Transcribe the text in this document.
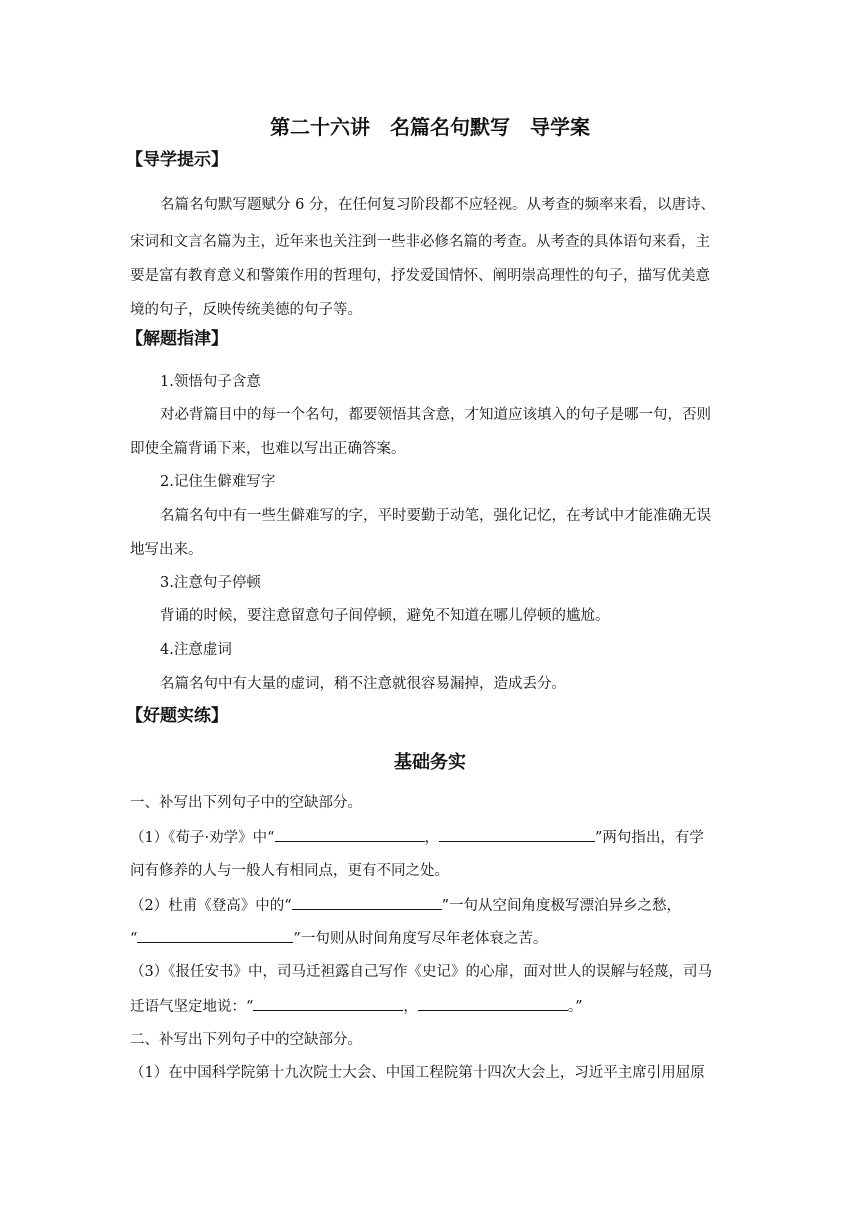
第二十六讲　名篇名句默写　导学案
【导学提示】
名篇名句默写题赋分 6 分，在任何复习阶段都不应轻视。从考查的频率来看，以唐诗、
宋词和文言名篇为主，近年来也关注到一些非必修名篇的考查。从考查的具体语句来看，主
要是富有教育意义和警策作用的哲理句，抒发爱国情怀、阐明崇高理性的句子，描写优美意
境的句子，反映传统美德的句子等。
【解题指津】
1.领悟句子含意
对必背篇目中的每一个名句，都要领悟其含意，才知道应该填入的句子是哪一句，否则
即使全篇背诵下来，也难以写出正确答案。
2.记住生僻难写字
名篇名句中有一些生僻难写的字，平时要勤于动笔，强化记忆，在考试中才能准确无误
地写出来。
3.注意句子停顿
背诵的时候，要注意留意句子间停顿，避免不知道在哪儿停顿的尴尬。
4.注意虚词
名篇名句中有大量的虚词，稍不注意就很容易漏掉，造成丢分。
【好题实练】
基础务实
一、补写出下列句子中的空缺部分。
（1）《荀子·劝学》中“	，	”两句指出，有学
问有修养的人与一般人有相同点，更有不同之处。
（2）杜甫《登高》中的“	”一句从空间角度极写漂泊异乡之愁，
“	”一句则从时间角度写尽年老体衰之苦。
（3）《报任安书》中，司马迁袒露自己写作《史记》的心扉，面对世人的误解与轻蔑，司马
迁语气坚定地说：“	，	。”
二、补写出下列句子中的空缺部分。
（1）在中国科学院第十九次院士大会、中国工程院第十四次大会上，习近平主席引用屈原
